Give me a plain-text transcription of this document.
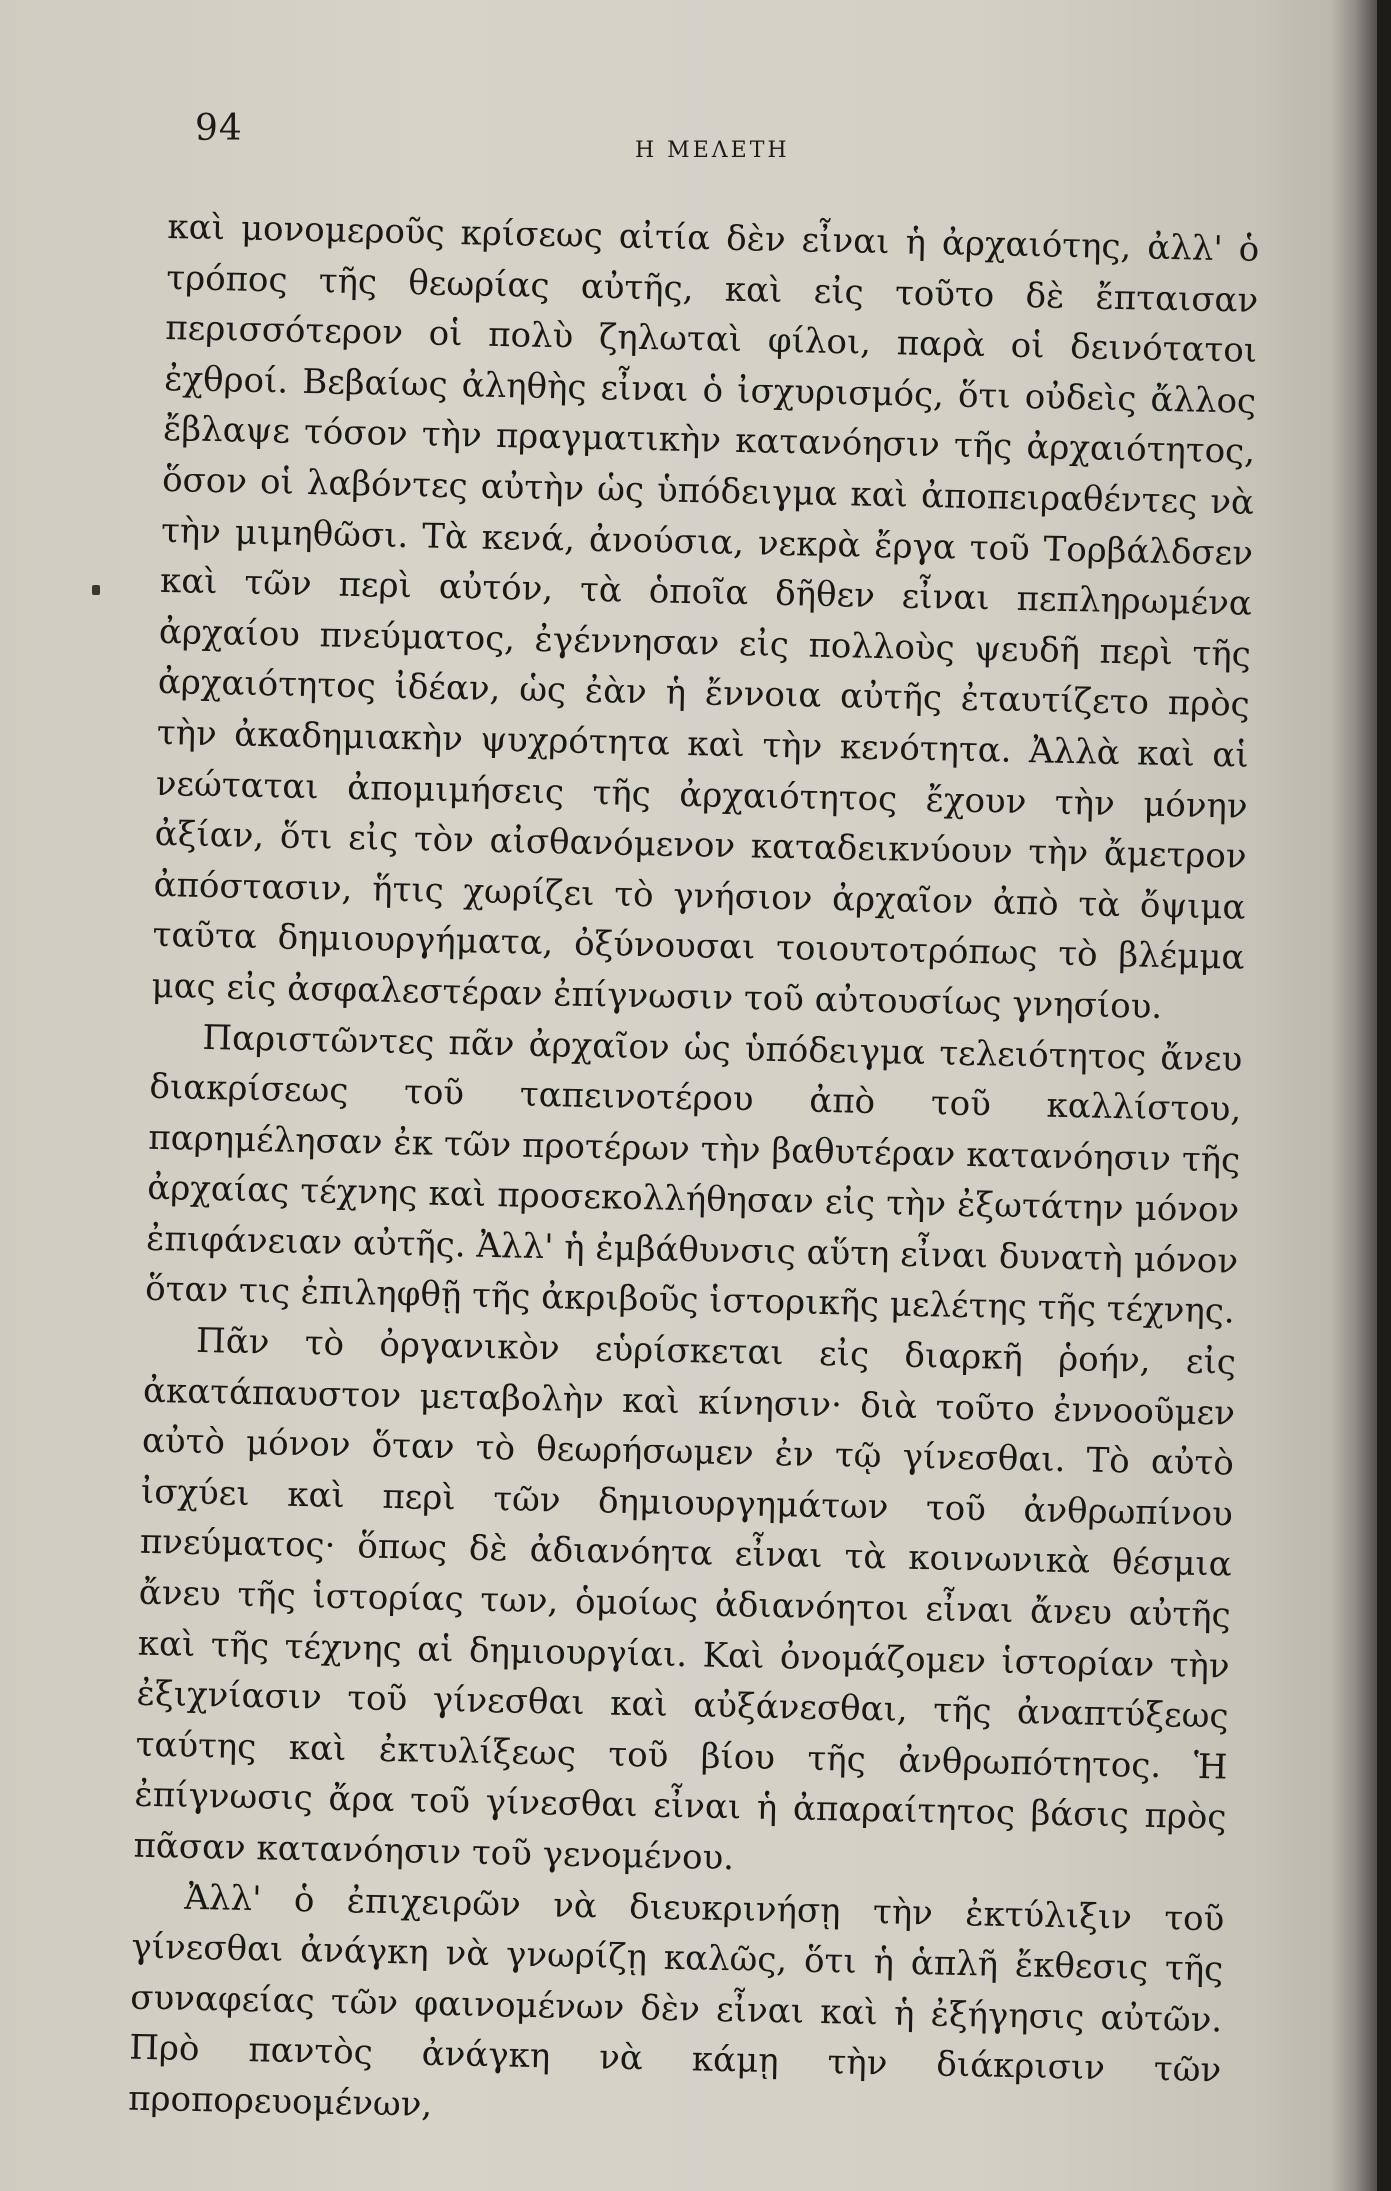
94
Η ΜΕΛΕΤΗ

καὶ μονομεροῦς κρίσεως αἰτία δὲν εἶναι ἡ ἀρχαιότης, ἀλλ' ὁ τρόπος τῆς θεωρίας αὐτῆς, καὶ εἰς τοῦτο δὲ ἔπταισαν περισσότερον οἱ πολὺ ζηλωταὶ φίλοι, παρὰ οἱ δεινότατοι ἐχθροί. Βεβαίως ἀληθὴς εἶναι ὁ ἰσχυρισμός, ὅτι οὐδεὶς ἄλλος ἔβλαψε τόσον τὴν πραγματικὴν κατανόησιν τῆς ἀρχαιότητος, ὅσον οἱ λαβόντες αὐτὴν ὡς ὑπόδειγμα καὶ ἀποπειραθέντες νὰ τὴν μιμηθῶσι. Τὰ κενά, ἀνούσια, νεκρὰ ἔργα τοῦ Τορβάλδσεν καὶ τῶν περὶ αὐτόν, τὰ ὁποῖα δῆθεν εἶναι πεπληρωμένα ἀρχαίου πνεύματος, ἐγέννησαν εἰς πολλοὺς ψευδῆ περὶ τῆς ἀρχαιότητος ἰδέαν, ὡς ἐὰν ἡ ἔννοια αὐτῆς ἐταυτίζετο πρὸς τὴν ἀκαδημιακὴν ψυχρότητα καὶ τὴν κενότητα. Ἀλλὰ καὶ αἱ νεώταται ἀπομιμήσεις τῆς ἀρχαιότητος ἔχουν τὴν μόνην ἀξίαν, ὅτι εἰς τὸν αἰσθανόμενον καταδεικνύουν τὴν ἄμετρον ἀπόστασιν, ἥτις χωρίζει τὸ γνήσιον ἀρχαῖον ἀπὸ τὰ ὄψιμα ταῦτα δημιουργήματα, ὀξύνουσαι τοιουτοτρόπως τὸ βλέμμα μας εἰς ἀσφαλεστέραν ἐπίγνωσιν τοῦ αὐτουσίως γνησίου.

Παριστῶντες πᾶν ἀρχαῖον ὡς ὑπόδειγμα τελειότητος ἄνευ διακρίσεως τοῦ ταπεινοτέρου ἀπὸ τοῦ καλλίστου, παρημέλησαν ἐκ τῶν προτέρων τὴν βαθυτέραν κατανόησιν τῆς ἀρχαίας τέχνης καὶ προσεκολλήθησαν εἰς τὴν ἐξωτάτην μόνον ἐπιφάνειαν αὐτῆς. Ἀλλ' ἡ ἐμβάθυνσις αὕτη εἶναι δυνατὴ μόνον ὅταν τις ἐπιληφθῇ τῆς ἀκριβοῦς ἱστορικῆς μελέτης τῆς τέχνης.

Πᾶν τὸ ὀργανικὸν εὑρίσκεται εἰς διαρκῆ ῥοήν, εἰς ἀκατάπαυστον μεταβολὴν καὶ κίνησιν· διὰ τοῦτο ἐννοοῦμεν αὐτὸ μόνον ὅταν τὸ θεωρήσωμεν ἐν τῷ γίνεσθαι. Τὸ αὐτὸ ἰσχύει καὶ περὶ τῶν δημιουργημάτων τοῦ ἀνθρωπίνου πνεύματος· ὅπως δὲ ἀδιανόητα εἶναι τὰ κοινωνικὰ θέσμια ἄνευ τῆς ἱστορίας των, ὁμοίως ἀδιανόητοι εἶναι ἄνευ αὐτῆς καὶ τῆς τέχνης αἱ δημιουργίαι. Καὶ ὀνομάζομεν ἱστορίαν τὴν ἐξιχνίασιν τοῦ γίνεσθαι καὶ αὐξάνεσθαι, τῆς ἀναπτύξεως ταύτης καὶ ἐκτυλίξεως τοῦ βίου τῆς ἀνθρωπότητος. Ἡ ἐπίγνωσις ἄρα τοῦ γίνεσθαι εἶναι ἡ ἀπαραίτητος βάσις πρὸς πᾶσαν κατανόησιν τοῦ γενομένου.

Ἀλλ' ὁ ἐπιχειρῶν νὰ διευκρινήσῃ τὴν ἐκτύλιξιν τοῦ γίνεσθαι ἀνάγκη νὰ γνωρίζῃ καλῶς, ὅτι ἡ ἁπλῆ ἔκθεσις τῆς συναφείας τῶν φαινομένων δὲν εἶναι καὶ ἡ ἐξήγησις αὐτῶν. Πρὸ παντὸς ἀνάγκη νὰ κάμῃ τὴν διάκρισιν τῶν προπορευομένων,
